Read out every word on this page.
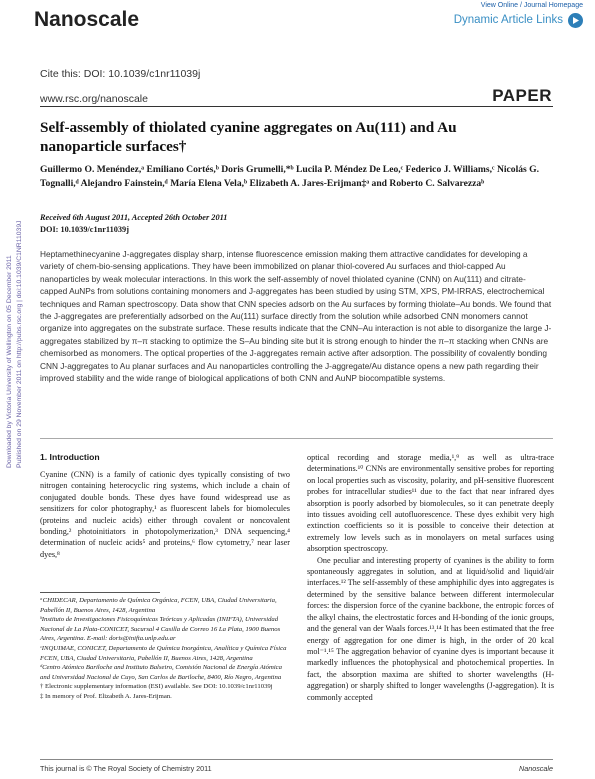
Nanoscale
View Online / Journal Homepage
Dynamic Article Links
Cite this: DOI: 10.1039/c1nr11039j
www.rsc.org/nanoscale	PAPER
Downloaded by Victoria University of Wellington on 05 December 2011 Published on 29 November 2011 on http://pubs.rsc.org | doi:10.1039/C1NR11039J
Self-assembly of thiolated cyanine aggregates on Au(111) and Au nanoparticle surfaces†
Guillermo O. Menéndez,ᵃ Emiliano Cortés,ᵇ Doris Grumelli,*ᵇ Lucila P. Méndez De Leo,ᶜ Federico J. Williams,ᶜ Nicolás G. Tognalli,ᵈ Alejandro Fainstein,ᵈ María Elena Vela,ᵇ Elizabeth A. Jares-Erijman‡ᵃ and Roberto C. Salvarezzaᵇ
Received 6th August 2011, Accepted 26th October 2011
DOI: 10.1039/c1nr11039j
Heptamethinecyanine J-aggregates display sharp, intense fluorescence emission making them attractive candidates for developing a variety of chem-bio-sensing applications. They have been immobilized on planar thiol-covered Au surfaces and thiol-capped Au nanoparticles by weak molecular interactions. In this work the self-assembly of novel thiolated cyanine (CNN) on Au(111) and citrate-capped AuNPs from solutions containing monomers and J-aggregates has been studied by using STM, XPS, PM-IRRAS, electrochemical techniques and Raman spectroscopy. Data show that CNN species adsorb on the Au surfaces by forming thiolate–Au bonds. We found that the J-aggregates are preferentially adsorbed on the Au(111) surface directly from the solution while adsorbed CNN monomers cannot organize into aggregates on the substrate surface. These results indicate that the CNN–Au interaction is not able to disorganize the large J-aggregates stabilized by π–π stacking to optimize the S–Au binding site but it is strong enough to hinder the π–π stacking when CNNs are chemisorbed as monomers. The optical properties of the J-aggregates remain active after adsorption. The possibility of covalently bonding CNN J-aggregates to Au planar surfaces and Au nanoparticles controlling the J-aggregate/Au distance opens a new path regarding their improved stability and the wide range of biological applications of both CNN and AuNP biocompatible systems.
1. Introduction
Cyanine (CNN) is a family of cationic dyes typically consisting of two nitrogen containing heterocyclic ring systems, which include a chain of conjugated double bonds. These dyes have found widespread use as sensitizers for color photography,¹ as fluorescent labels for biomolecules (proteins and nucleic acids) either through covalent or noncovalent bonding,² photoinitiators in photopolymerization,³ DNA sequencing,⁴ determination of nucleic acids⁵ and proteins,⁶ flow cytometry,⁷ near laser dyes,⁸

ᵃCHIDECAR, Departamento de Química Orgánica, FCEN, UBA, Ciudad Universitaria, Pabellón II, Buenos Aires, 1428, Argentina

ᵇInstituto de Investigaciones Fisicoquímicas Teóricas y Aplicadas (INIFTA), Universidad Nacional de La Plata-CONICET, Sucursal 4 Casilla de Correo 16 La Plata, 1900 Buenos Aires, Argentina. E-mail: doris@inifta.unlp.edu.ar

ᶜINQUIMAE, CONICET, Departamento de Química Inorgánica, Analítica y Química Física FCEN, UBA, Ciudad Universitaria, Pabellón II, Buenos Aires, 1428, Argentina

ᵈCentro Atómico Bariloche and Instituto Balseiro, Comisión Nacional de Energía Atómica and Universidad Nacional de Cuyo, San Carlos de Bariloche, 8400, Río Negro, Argentina

† Electronic supplementary information (ESI) available. See DOI: 10.1039/c1nr11039j

‡ In memory of Prof. Elizabeth A. Jares-Erijman.

optical recording and storage media,¹,⁹ as well as ultra-trace determinations.¹⁰ CNNs are environmentally sensitive probes for reporting on local properties such as viscosity, polarity, and pH-sensitive fluorescent probes for intracellular studies¹¹ due to the fact that near infrared dyes absorption is poorly adsorbed by biomolecules, so it can penetrate deeply into tissues avoiding cell autofluorescence. These dyes exhibit very high extinction coefficients so it is possible to conceive their detection at extremely low levels such as in monolayers on metal surfaces using absorption spectroscopy.

One peculiar and interesting property of cyanines is the ability to form spontaneously aggregates in solution, and at liquid/solid and liquid/air interfaces.¹² The self-assembly of these amphiphilic dyes into aggregates is determined by the sensitive balance between different intermolecular forces: the dispersion force of the cyanine backbone, the entropic forces of the alkyl chains, the electrostatic forces and H-bonding of the ionic groups, and the general van der Waals forces.¹³,¹⁴ It has been estimated that the free energy of aggregation for one dimer is high, in the order of 20 kcal mol⁻¹.¹⁵ The aggregation behavior of cyanine dyes is important because it markedly influences the photophysical and photochemical properties. In fact, the absorption maxima are shifted to shorter wavelengths (H-aggregation) or sharply shifted to longer wavelengths (J-aggregation). It is commonly accepted

This journal is © The Royal Society of Chemistry 2011	Nanoscale
